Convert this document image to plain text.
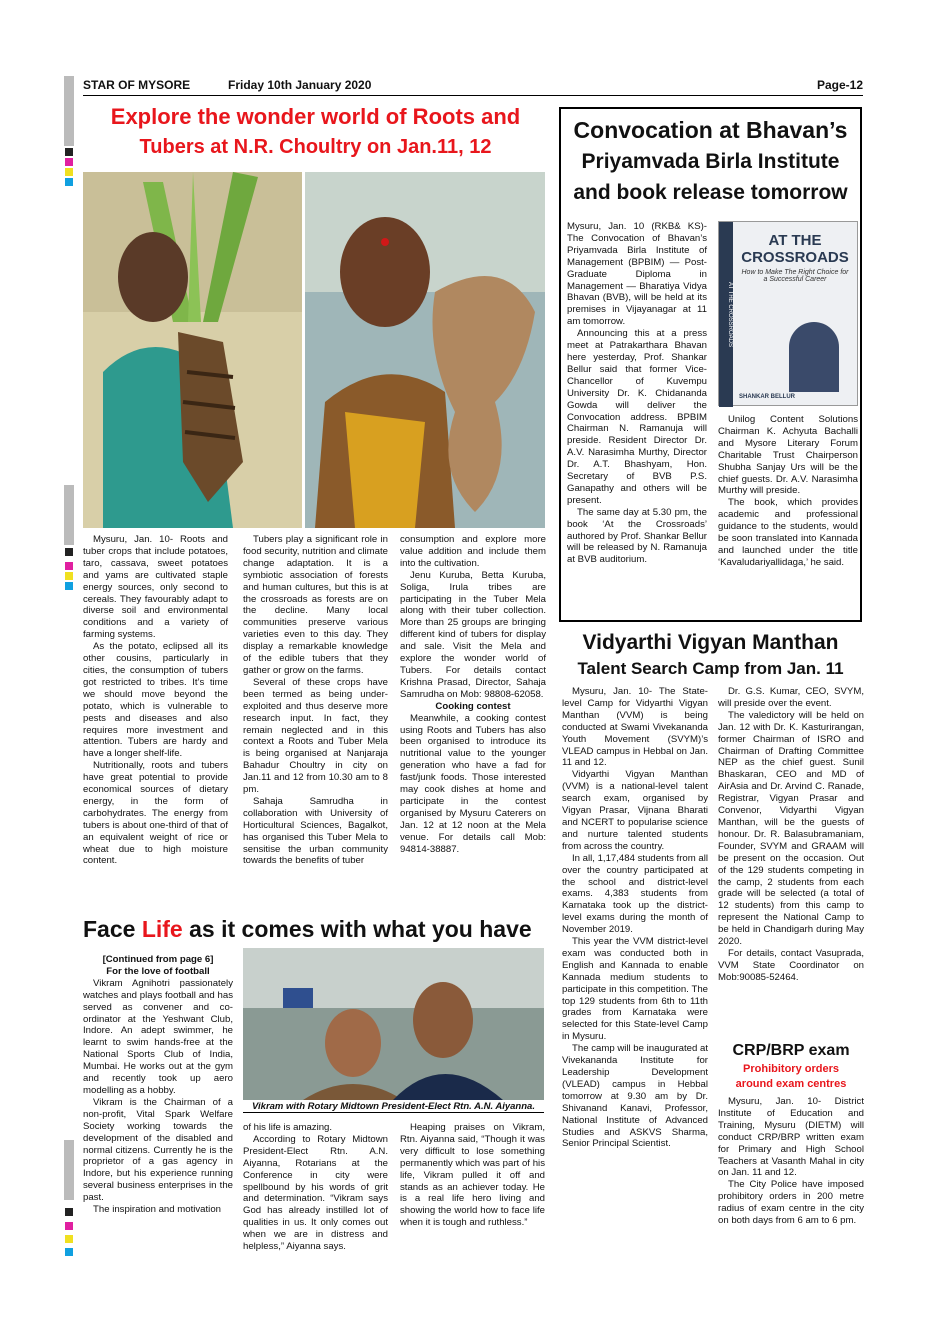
STAR OF MYSORE	Friday 10th January 2020	Page-12
Explore the wonder world of Roots and
Tubers at N.R. Choultry on Jan.11, 12

Mysuru, Jan. 10- Roots and tuber crops that include potatoes, taro, cassava, sweet potatoes and yams are cultivated staple energy sources, only second to cereals. They favourably adapt to diverse soil and environmental conditions and a variety of farming systems.

As the potato, eclipsed all its other cousins, particularly in cities, the consumption of tubers got restricted to tribes. It’s time we should move beyond the potato, which is vulnerable to pests and diseases and also requires more investment and attention. Tubers are hardy and have a longer shelf-life.

Nutritionally, roots and tubers have great potential to provide economical sources of dietary energy, in the form of carbohydrates. The energy from tubers is about one-third of that of an equivalent weight of rice or wheat due to high moisture content.

Tubers play a significant role in food security, nutrition and climate change adaptation. It is a symbiotic association of forests and human cultures, but this is at the crossroads as forests are on the decline. Many local communities preserve various varieties even to this day. They display a remarkable knowledge of the edible tubers that they gather or grow on the farms.

Several of these crops have been termed as being under-exploited and thus deserve more research input. In fact, they remain neglected and in this context a Roots and Tuber Mela is being organised at Nanjaraja Bahadur Choultry in city on Jan.11 and 12 from 10.30 am to 8 pm.

Sahaja Samrudha in collaboration with University of Horticultural Sciences, Bagalkot, has organised this Tuber Mela to sensitise the urban community towards the benefits of tuber

consumption and explore more value addition and include them into the cultivation.

Jenu Kuruba, Betta Kuruba, Soliga, Irula tribes are participating in the Tuber Mela along with their tuber collection. More than 25 groups are bringing different kind of tubers for display and sale. Visit the Mela and explore the wonder world of Tubers. For details contact Krishna Prasad, Director, Sahaja Samrudha on Mob: 98808-62058.

Cooking contest

Meanwhile, a cooking contest using Roots and Tubers has also been organised to introduce its nutritional value to the younger generation who have a fad for fast/junk foods. Those interested may cook dishes at home and participate in the contest organised by Mysuru Caterers on Jan. 12 at 12 noon at the Mela venue. For details call Mob: 94814-38887.

Face Life as it comes with what you have

[Continued from page 6]

For the love of football

Vikram Agnihotri passionately watches and plays football and has served as convener and co-ordinator at the Yeshwant Club, Indore. An adept swimmer, he learnt to swim hands-free at the National Sports Club of India, Mumbai. He works out at the gym and recently took up aero modelling as a hobby.

Vikram is the Chairman of a non-profit, Vital Spark Welfare Society working towards the development of the disabled and normal citizens. Currently he is the proprietor of a gas agency in Indore, but his experience running several business enterprises in the past.

The inspiration and motivation

Vikram with Rotary Midtown President-Elect Rtn. A.N. Aiyanna.

of his life is amazing.

According to Rotary Midtown President-Elect Rtn. A.N. Aiyanna, Rotarians at the Conference in city were spellbound by his words of grit and determination. “Vikram says God has already instilled lot of qualities in us. It only comes out when we are in distress and helpless,” Aiyanna says.

Heaping praises on Vikram, Rtn. Aiyanna said, “Though it was very difficult to lose something permanently which was part of his life, Vikram pulled it off and stands as an achiever today. He is a real life hero living and showing the world how to face life when it is tough and ruthless.”

Convocation at Bhavan’s
Priyamvada Birla Institute
and book release tomorrow

Mysuru, Jan. 10 (RKB& KS)- The Convocation of Bhavan’s Priyamvada Birla Institute of Management (BPBIM) — Post-Graduate Diploma in Management — Bharatiya Vidya Bhavan (BVB), will be held at its premises in Vijayanagar at 11 am tomorrow.

Announcing this at a press meet at Patrakarthara Bhavan here yesterday, Prof. Shankar Bellur said that former Vice-Chancellor of Kuvempu University Dr. K. Chidananda Gowda will deliver the Convocation address. BPBIM Chairman N. Ramanuja will preside. Resident Director Dr. A.V. Narasimha Murthy, Director Dr. A.T. Bhashyam, Hon. Secretary of BVB P.S. Ganapathy and others will be present.

The same day at 5.30 pm, the book ‘At the Crossroads’ authored by Prof. Shankar Bellur will be released by N. Ramanuja at BVB auditorium.

AT THE CROSSROADS
AT THE
CROSSROADS
How to Make The Right Choice for a Successful Career
SHANKAR BELLUR

Unilog Content Solutions Chairman K. Achyuta Bachalli and Mysore Literary Forum Charitable Trust Chairperson Shubha Sanjay Urs will be the chief guests. Dr. A.V. Narasimha Murthy will preside.

The book, which provides academic and professional guidance to the students, would be soon translated into Kannada and launched under the title ‘Kavaludariyallidaga,’ he said.

Vidyarthi Vigyan Manthan
Talent Search Camp from Jan. 11

Mysuru, Jan. 10- The State-level Camp for Vidyarthi Vigyan Manthan (VVM) is being conducted at Swami Vivekananda Youth Movement (SVYM)’s VLEAD campus in Hebbal on Jan. 11 and 12.

Vidyarthi Vigyan Manthan (VVM) is a national-level talent search exam, organised by Vigyan Prasar, Vijnana Bharati and NCERT to popularise science and nurture talented students from across the country.

In all, 1,17,484 students from all over the country participated at the school and district-level exams. 4,383 students from Karnataka took up the district-level exams during the month of November 2019.

This year the VVM district-level exam was conducted both in English and Kannada to enable Kannada medium students to participate in this competition. The top 129 students from 6th to 11th grades from Karnataka were selected for this State-level Camp in Mysuru.

The camp will be inaugurated at Vivekananda Institute for Leadership Development (VLEAD) campus in Hebbal tomorrow at 9.30 am by Dr. Shivanand Kanavi, Professor, National Institute of Advanced Studies and ASKVS Sharma, Senior Principal Scientist.

Dr. G.S. Kumar, CEO, SVYM, will preside over the event.

The valedictory will be held on Jan. 12 with Dr. K. Kasturirangan, former Chairman of ISRO and Chairman of Drafting Committee NEP as the chief guest. Sunil Bhaskaran, CEO and MD of AirAsia and Dr. Arvind C. Ranade, Registrar, Vigyan Prasar and Convenor, Vidyarthi Vigyan Manthan, will be the guests of honour. Dr. R. Balasubramaniam, Founder, SVYM and GRAAM will be present on the occasion. Out of the 129 students competing in the camp, 2 students from each grade will be selected (a total of 12 students) from this camp to represent the National Camp to be held in Chandigarh during May 2020.

For details, contact Vasuprada, VVM State Coordinator on Mob:90085-52464.

CRP/BRP exam
Prohibitory orders
around exam centres

Mysuru, Jan. 10- District Institute of Education and Training, Mysuru (DIETM) will conduct CRP/BRP written exam for Primary and High School Teachers at Vasanth Mahal in city on Jan. 11 and 12.

The City Police have imposed prohibitory orders in 200 metre radius of exam centre in the city on both days from 6 am to 6 pm.
